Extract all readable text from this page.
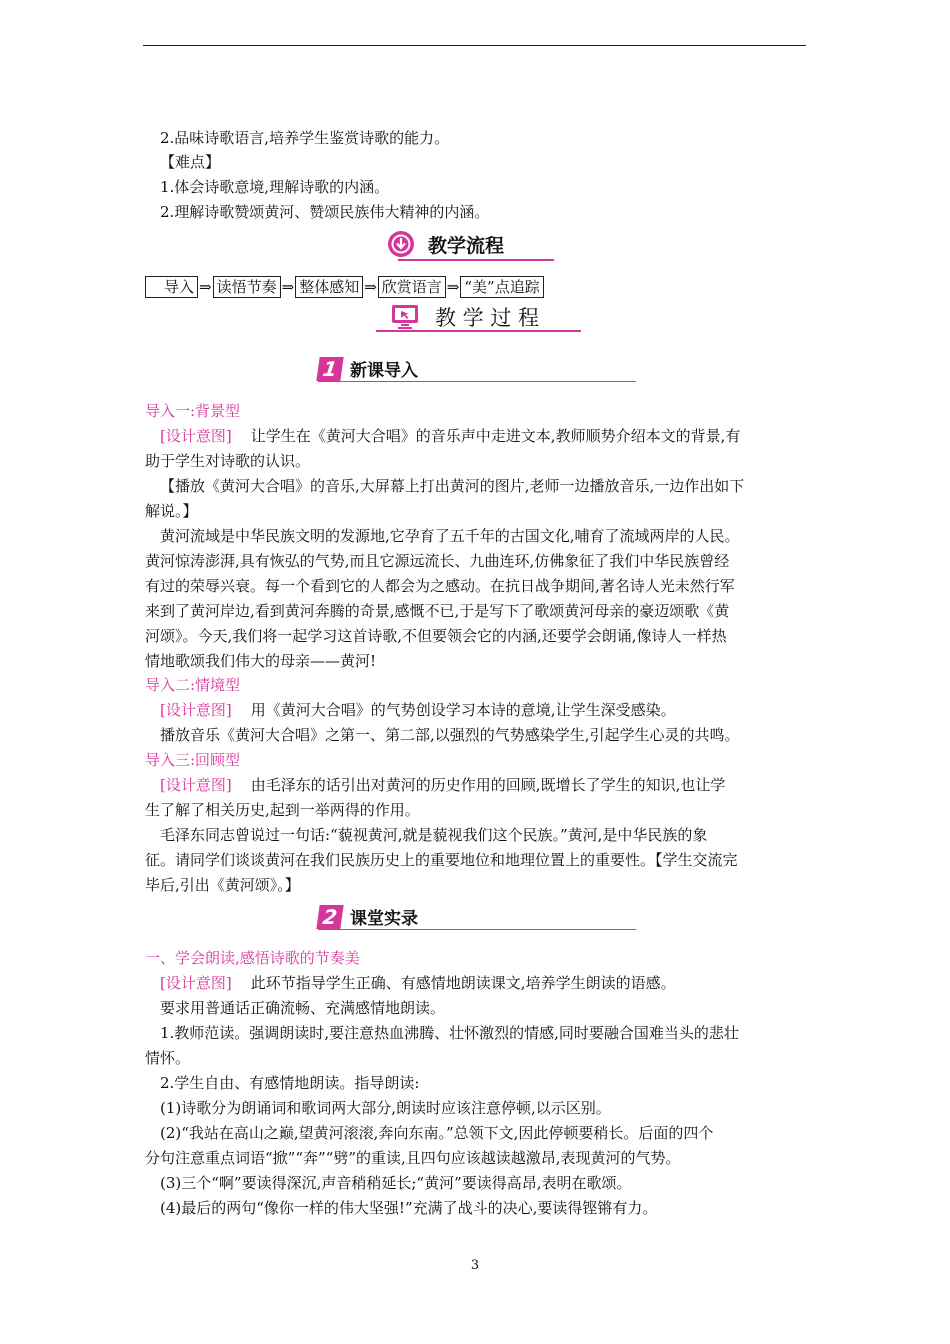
2.品味诗歌语言,培养学生鉴赏诗歌的能力。
【难点】
1.体会诗歌意境,理解诗歌的内涵。
2.理解诗歌赞颂黄河、赞颂民族伟大精神的内涵。
教学流程
导入 ⇒ 读悟节奏 ⇒ 整体感知 ⇒ 欣赏语言 ⇒ “美”点追踪
教 学 过 程
1 新课导入
导入一:背景型
[设计意图] 让学生在《黄河大合唱》的音乐声中走进文本,教师顺势介绍本文的背景,有
助于学生对诗歌的认识。
【播放《黄河大合唱》的音乐,大屏幕上打出黄河的图片,老师一边播放音乐,一边作出如下
解说。】
黄河流域是中华民族文明的发源地,它孕育了五千年的古国文化,哺育了流域两岸的人民。
黄河惊涛澎湃,具有恢弘的气势,而且它源远流长、九曲连环,仿佛象征了我们中华民族曾经
有过的荣辱兴衰。每一个看到它的人都会为之感动。在抗日战争期间,著名诗人光未然行军
来到了黄河岸边,看到黄河奔腾的奇景,感慨不已,于是写下了歌颂黄河母亲的豪迈颂歌《黄
河颂》。今天,我们将一起学习这首诗歌,不但要领会它的内涵,还要学会朗诵,像诗人一样热
情地歌颂我们伟大的母亲——黄河!
导入二:情境型
[设计意图] 用《黄河大合唱》的气势创设学习本诗的意境,让学生深受感染。
播放音乐《黄河大合唱》之第一、第二部,以强烈的气势感染学生,引起学生心灵的共鸣。
导入三:回顾型
[设计意图] 由毛泽东的话引出对黄河的历史作用的回顾,既增长了学生的知识,也让学
生了解了相关历史,起到一举两得的作用。
毛泽东同志曾说过一句话:“藐视黄河,就是藐视我们这个民族。”黄河,是中华民族的象
征。请同学们谈谈黄河在我们民族历史上的重要地位和地理位置上的重要性。【学生交流完
毕后,引出《黄河颂》。】
2 课堂实录
一、学会朗读,感悟诗歌的节奏美
[设计意图] 此环节指导学生正确、有感情地朗读课文,培养学生朗读的语感。
要求用普通话正确流畅、充满感情地朗读。
1.教师范读。强调朗读时,要注意热血沸腾、壮怀激烈的情感,同时要融合国难当头的悲壮
情怀。
2.学生自由、有感情地朗读。指导朗读:
(1)诗歌分为朗诵词和歌词两大部分,朗读时应该注意停顿,以示区别。
(2)“我站在高山之巅,望黄河滚滚,奔向东南。”总领下文,因此停顿要稍长。后面的四个
分句注意重点词语“掀”“奔”“劈”的重读,且四句应该越读越激昂,表现黄河的气势。
(3)三个“啊”要读得深沉,声音稍稍延长;“黄河”要读得高昂,表明在歌颂。
(4)最后的两句“像你一样的伟大坚强!”充满了战斗的决心,要读得铿锵有力。
3
